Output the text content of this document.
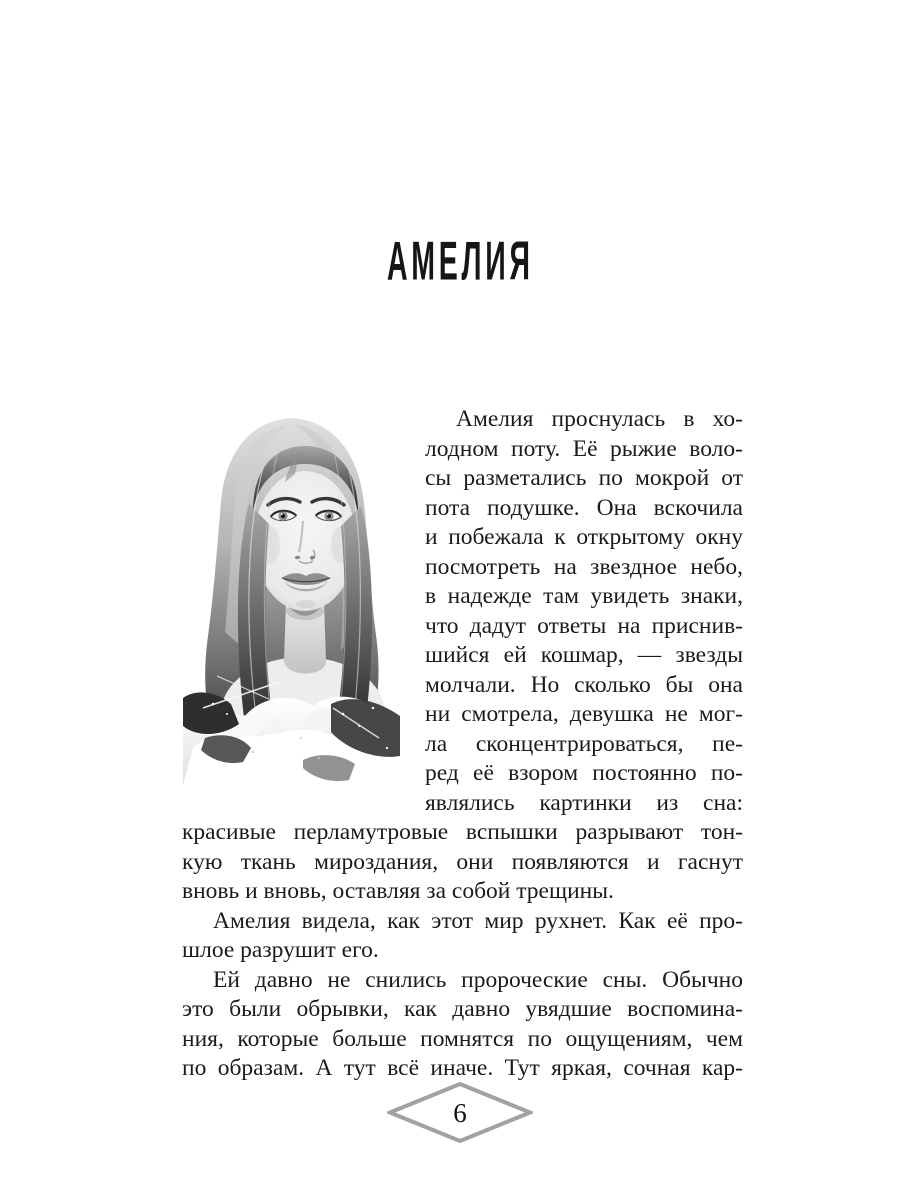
АМЕЛИЯ
Амелия проснулась в хо-
лодном поту. Её рыжие воло-
сы разметались по мокрой от
пота подушке. Она вскочила
и побежала к открытому окну
посмотреть на звездное небо,
в надежде там увидеть знаки,
что дадут ответы на приснив-
шийся ей кошмар, — звезды
молчали. Но сколько бы она
ни смотрела, девушка не мог-
ла сконцентрироваться, пе-
ред её взором постоянно по-
являлись картинки из сна:
красивые перламутровые вспышки разрывают тон-
кую ткань мироздания, они появляются и гаснут
вновь и вновь, оставляя за собой трещины.
Амелия видела, как этот мир рухнет. Как её про-
шлое разрушит его.
Ей давно не снились пророческие сны. Обычно
это были обрывки, как давно увядшие воспомина-
ния, которые больше помнятся по ощущениям, чем
по образам. А тут всё иначе. Тут яркая, сочная кар-
6
